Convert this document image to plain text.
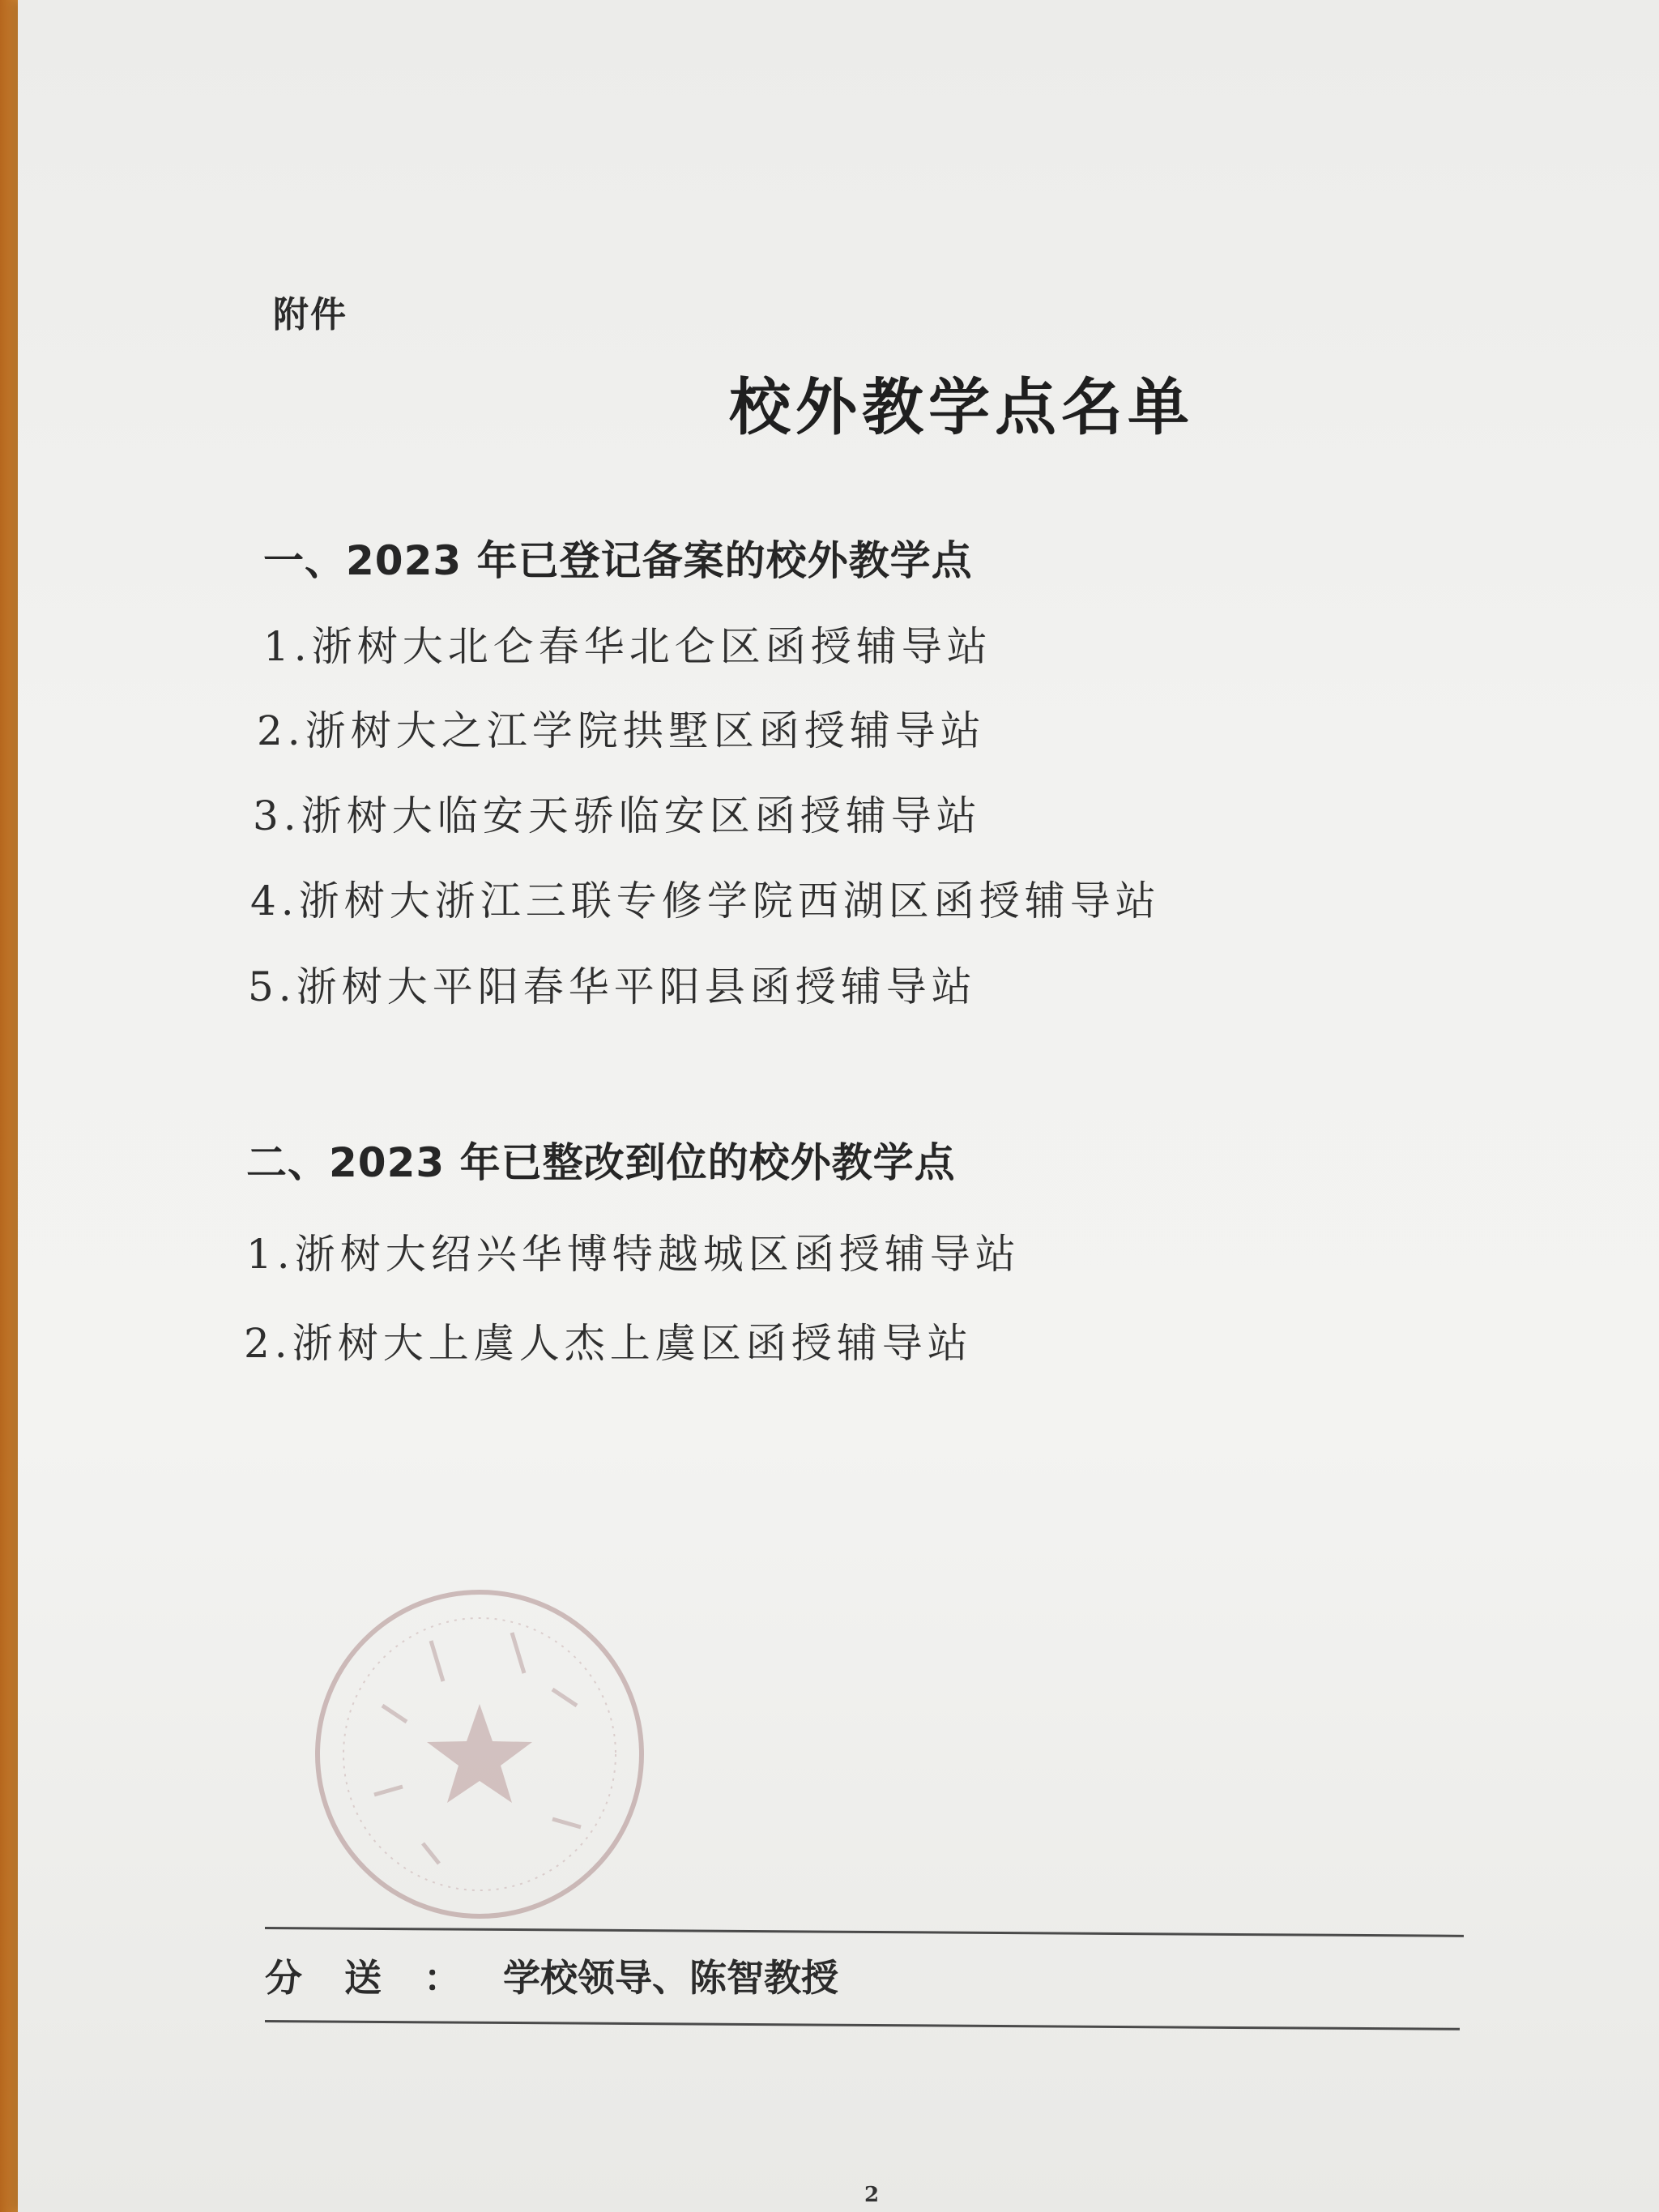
附件

校外教学点名单
一、2023 年已登记备案的校外教学点

1.浙树大北仑春华北仑区函授辅导站

2.浙树大之江学院拱墅区函授辅导站

3.浙树大临安天骄临安区函授辅导站

4.浙树大浙江三联专修学院西湖区函授辅导站

5.浙树大平阳春华平阳县函授辅导站

二、2023 年已整改到位的校外教学点

1.浙树大绍兴华博特越城区函授辅导站

2.浙树大上虞人杰上虞区函授辅导站

分送：学校领导、陈智教授

2
